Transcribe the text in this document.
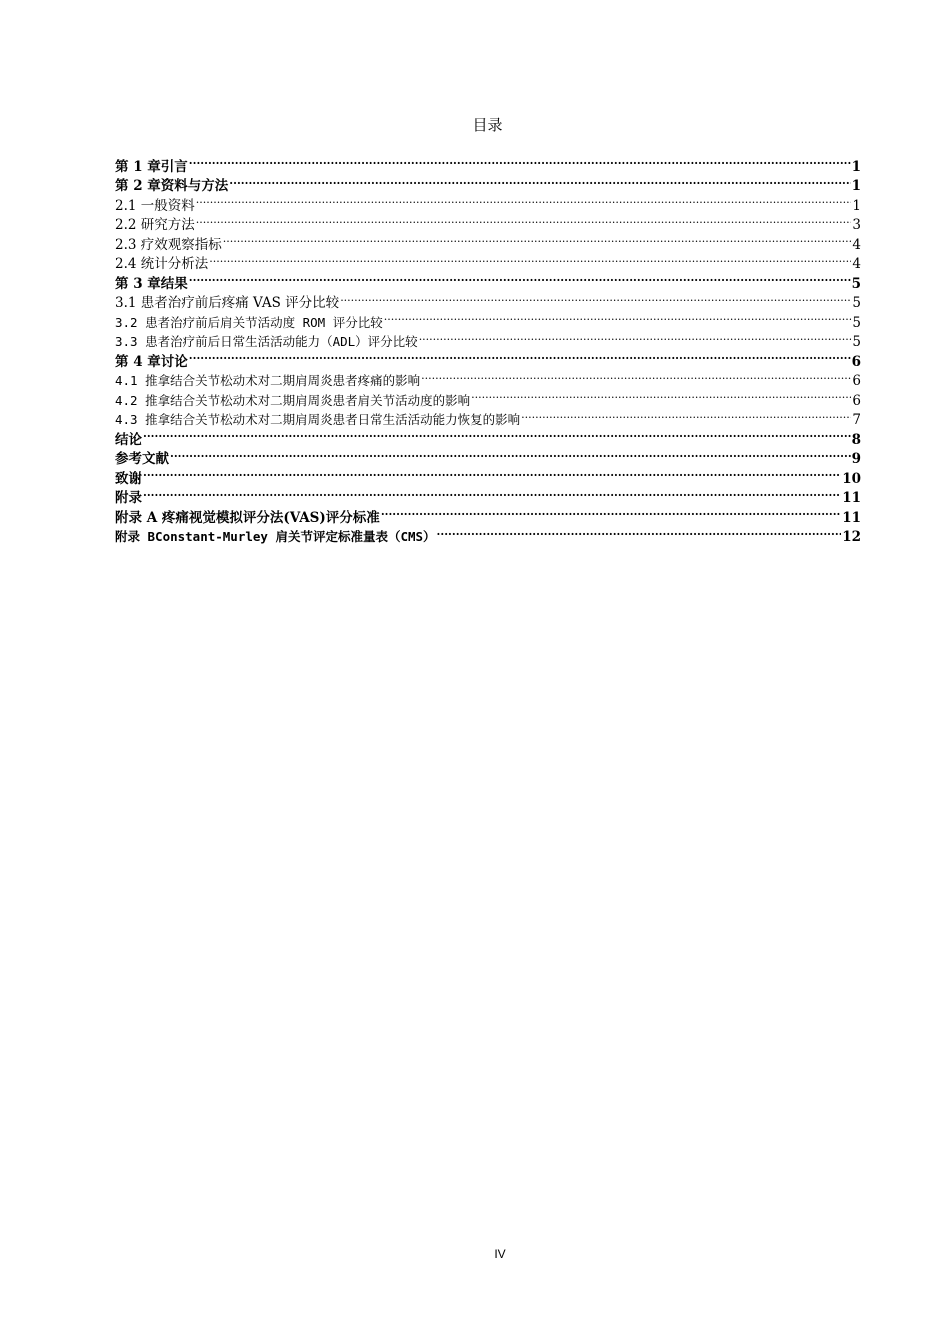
目录
第 1 章引言 .....	1
第 2 章资料与方法 .....	1
2.1 一般资料 .....	1
2.2 研究方法 .....	3
2.3 疗效观察指标 .....	4
2.4 统计分析法 .....	4
第 3 章结果 .....	5
3.1 患者治疗前后疼痛 VAS 评分比较 .....	5
3.2 患者治疗前后肩关节活动度 ROM 评分比较 .....	5
3.3 患者治疗前后日常生活活动能力（ADL）评分比较 .....	5
第 4 章讨论 .....	6
4.1 推拿结合关节松动术对二期肩周炎患者疼痛的影响 .....	6
4.2 推拿结合关节松动术对二期肩周炎患者肩关节活动度的影响 .....	6
4.3 推拿结合关节松动术对二期肩周炎患者日常生活活动能力恢复的影响 .....	7
结论 .....	8
参考文献 .....	9
致谢 .....	10
附录 .....	11
附录 A 疼痛视觉模拟评分法(VAS)评分标准 .....	11
附录 BConstant-Murley 肩关节评定标准量表（CMS） .....	12
IV
